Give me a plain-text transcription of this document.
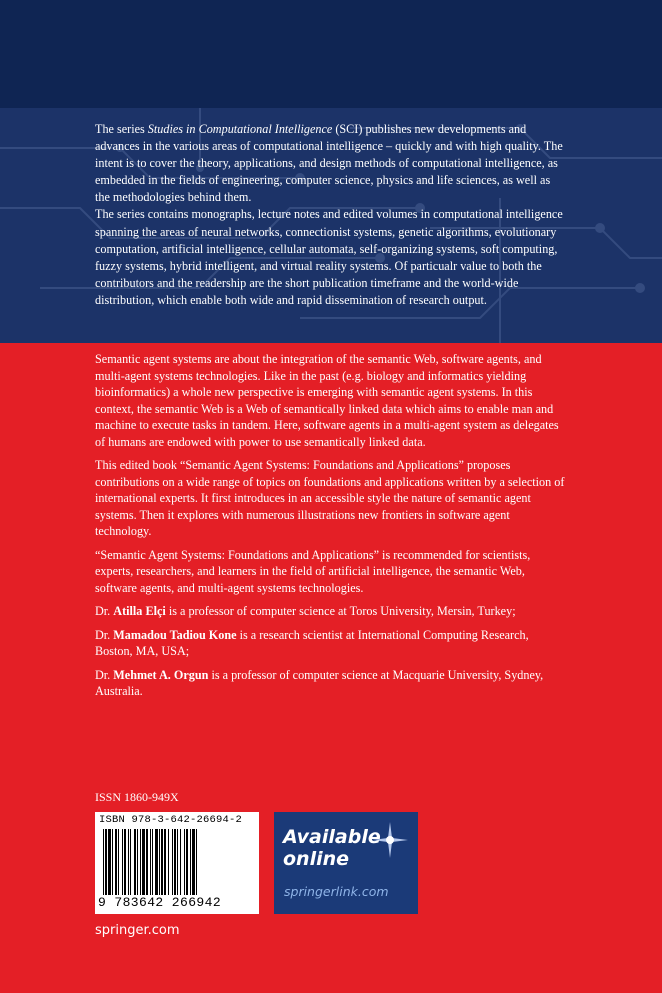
The series Studies in Computational Intelligence (SCI) publishes new developments and advances in the various areas of computational intelligence – quickly and with high quality. The intent is to cover the theory, applications, and design methods of computational intelligence, as embedded in the fields of engineering, computer science, physics and life sciences, as well as the methodologies behind them.

The series contains monographs, lecture notes and edited volumes in computational intelligence spanning the areas of neural networks, connectionist systems, genetic algorithms, evolutionary computation, artificial intelligence, cellular automata, self-organizing systems, soft computing, fuzzy systems, hybrid intelligent, and virtual reality systems. Of particualr value to both the contributors and the readership are the short publication timeframe and the world-wide distribution, which enable both wide and rapid dissemination of research output.

Semantic agent systems are about the integration of the semantic Web, software agents, and multi-agent systems technologies. Like in the past (e.g. biology and informatics yielding bioinformatics) a whole new perspective is emerging with semantic agent systems. In this context, the semantic Web is a Web of semantically linked data which aims to enable man and machine to execute tasks in tandem. Here, software agents in a multi-agent system as delegates of humans are endowed with power to use semantically linked data.

This edited book “Semantic Agent Systems: Foundations and Applications” proposes contributions on a wide range of topics on foundations and applications written by a selection of international experts. It first introduces in an accessible style the nature of semantic agent systems. Then it explores with numerous illustrations new frontiers in software agent technology.

“Semantic Agent Systems: Foundations and Applications” is recommended for scientists, experts, researchers, and learners in the field of artificial intelligence, the semantic Web, software agents, and multi-agent systems technologies.

Dr. Atilla Elçi is a professor of computer science at Toros University, Mersin, Turkey;

Dr. Mamadou Tadiou Kone is a research scientist at International Computing Research, Boston, MA, USA;

Dr. Mehmet A. Orgun is a professor of computer science at Macquarie University, Sydney, Australia.

ISSN 1860-949X
ISBN 978-3-642-26694-2
9 783642 266942
Available
online
springerlink.com
springer.com
